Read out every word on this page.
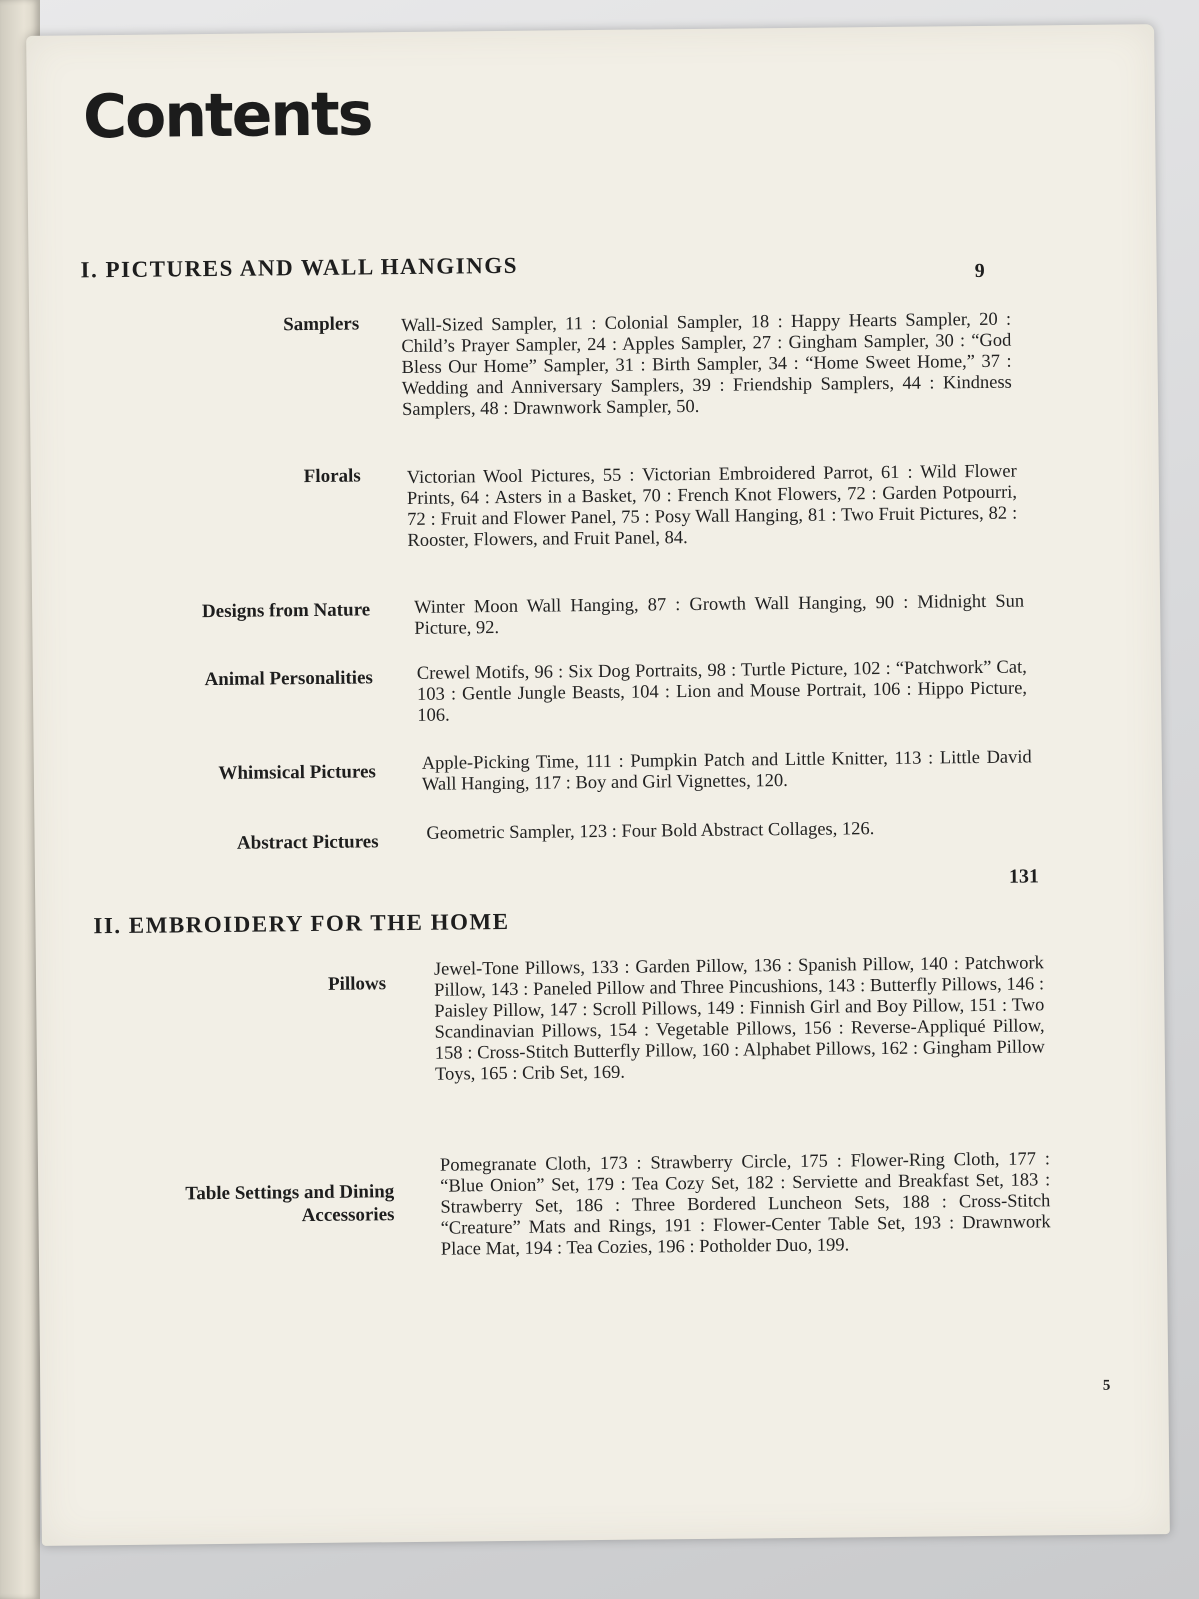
Contents
I. PICTURES AND WALL HANGINGS	9
Samplers Wall-Sized Sampler, 11 : Colonial Sampler, 18 : Happy Hearts Sampler, 20 : Child’s Prayer Sampler, 24 : Apples Sampler, 27 : Gingham Sampler, 30 : “God Bless Our Home” Sampler, 31 : Birth Sampler, 34 : “Home Sweet Home,” 37 : Wedding and Anniversary Samplers, 39 : Friendship Samplers, 44 : Kindness Samplers, 48 : Drawnwork Sampler, 50.
Florals Victorian Wool Pictures, 55 : Victorian Embroidered Parrot, 61 : Wild Flower Prints, 64 : Asters in a Basket, 70 : French Knot Flowers, 72 : Garden Potpourri, 72 : Fruit and Flower Panel, 75 : Posy Wall Hanging, 81 : Two Fruit Pictures, 82 : Rooster, Flowers, and Fruit Panel, 84.
Designs from Nature Winter Moon Wall Hanging, 87 : Growth Wall Hanging, 90 : Midnight Sun Picture, 92.
Animal Personalities Crewel Motifs, 96 : Six Dog Portraits, 98 : Turtle Picture, 102 : “Patchwork” Cat, 103 : Gentle Jungle Beasts, 104 : Lion and Mouse Portrait, 106 : Hippo Picture, 106.
Whimsical Pictures Apple-Picking Time, 111 : Pumpkin Patch and Little Knitter, 113 : Little David Wall Hanging, 117 : Boy and Girl Vignettes, 120.
Abstract Pictures	Geometric Sampler, 123 : Four Bold Abstract Collages, 126.
131
II. EMBROIDERY FOR THE HOME
Pillows
Jewel-Tone Pillows, 133 : Garden Pillow, 136 : Spanish Pillow, 140 : Patchwork Pillow, 143 : Paneled Pillow and Three Pincushions, 143 : Butterfly Pillows, 146 : Paisley Pillow, 147 : Scroll Pillows, 149 : Finnish Girl and Boy Pillow, 151 : Two Scandinavian Pillows, 154 : Vegetable Pillows, 156 : Reverse-Appliqué Pillow, 158 : Cross-Stitch Butterfly Pillow, 160 : Alphabet Pillows, 162 : Gingham Pillow Toys, 165 : Crib Set, 169.
Table Settings and Dining Accessories
Pomegranate Cloth, 173 : Strawberry Circle, 175 : Flower-Ring Cloth, 177 : “Blue Onion” Set, 179 : Tea Cozy Set, 182 : Serviette and Breakfast Set, 183 : Strawberry Set, 186 : Three Bordered Luncheon Sets, 188 : Cross-Stitch “Creature” Mats and Rings, 191 : Flower-Center Table Set, 193 : Drawnwork Place Mat, 194 : Tea Cozies, 196 : Potholder Duo, 199.
5
